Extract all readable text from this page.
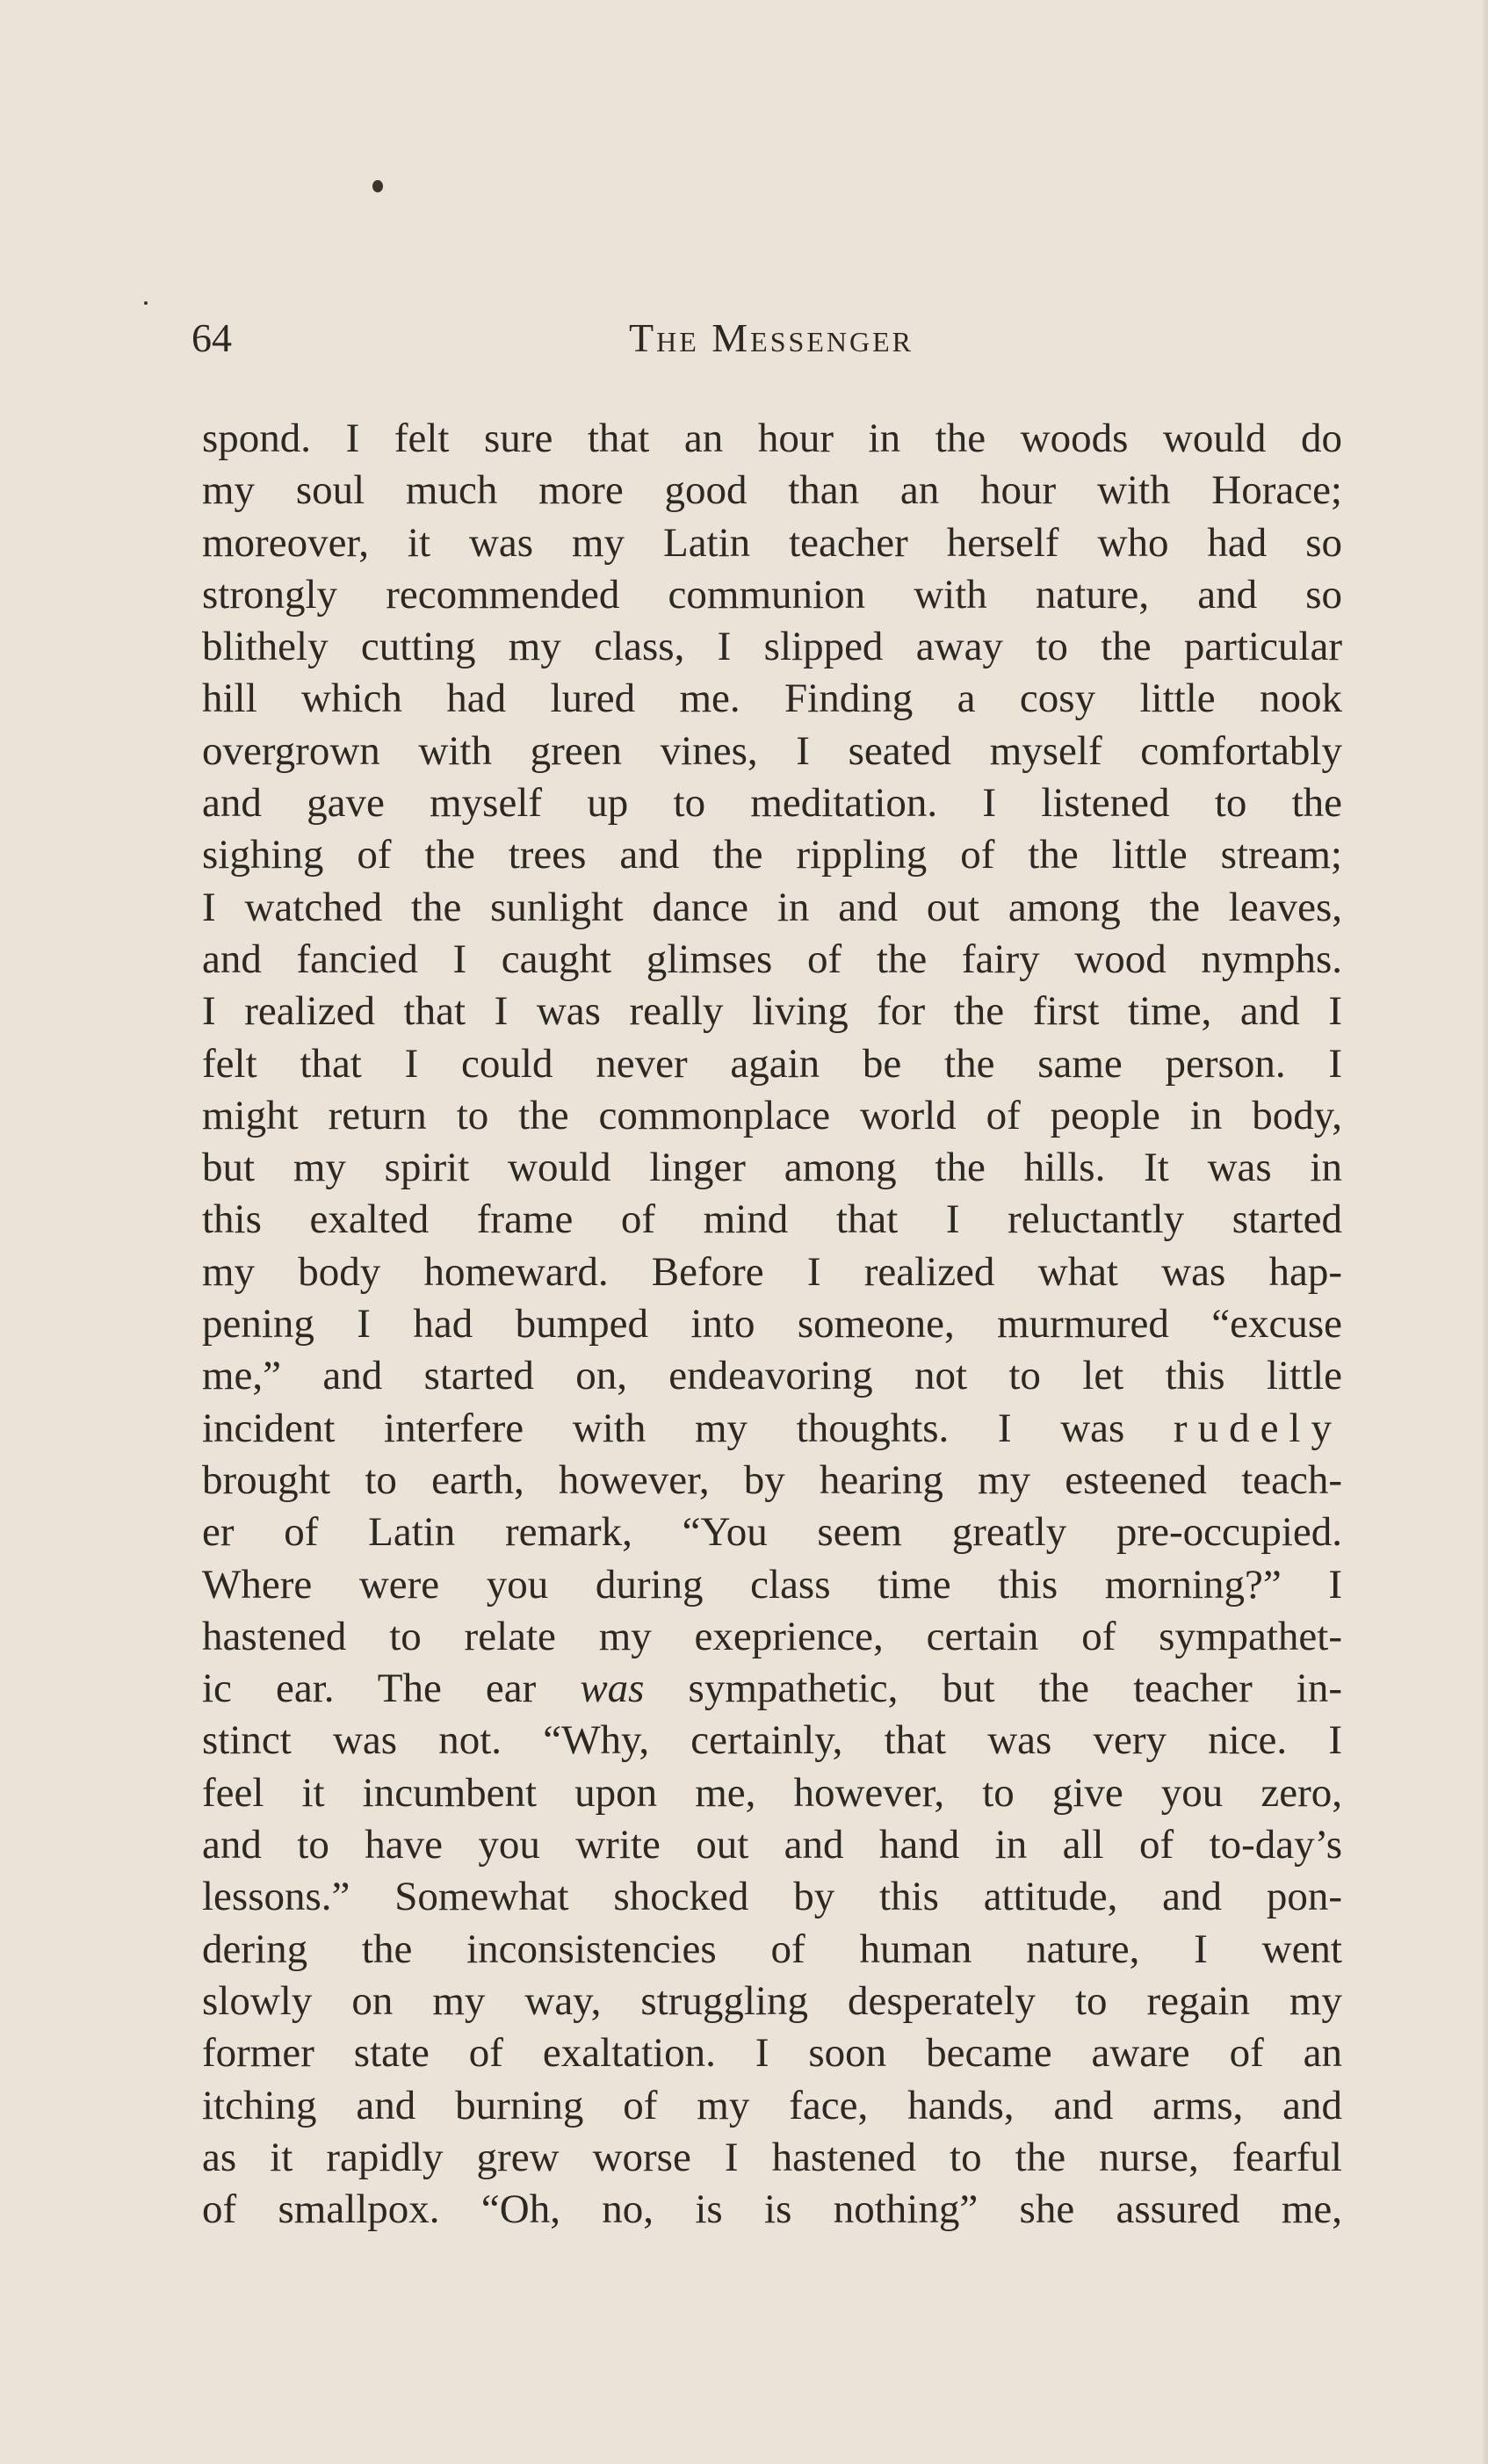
64	The Messenger
spond. I felt sure that an hour in the woods would do
my soul much more good than an hour with Horace;
moreover, it was my Latin teacher herself who had so
strongly recommended communion with nature, and so
blithely cutting my class, I slipped away to the particular
hill which had lured me. Finding a cosy little nook
overgrown with green vines, I seated myself comfortably
and gave myself up to meditation. I listened to the
sighing of the trees and the rippling of the little stream;
I watched the sunlight dance in and out among the leaves,
and fancied I caught glimses of the fairy wood nymphs.
I realized that I was really living for the first time, and I
felt that I could never again be the same person. I
might return to the commonplace world of people in body,
but my spirit would linger among the hills. It was in
this exalted frame of mind that I reluctantly started
my body homeward. Before I realized what was hap-
pening I had bumped into someone, murmured “excuse
me,” and started on, endeavoring not to let this little
incident interfere with my thoughts. I was rudely
brought to earth, however, by hearing my esteened teach-
er of Latin remark, “You seem greatly pre-occupied.
Where were you during class time this morning?” I
hastened to relate my exeprience, certain of sympathet-
ic ear. The ear was sympathetic, but the teacher in-
stinct was not. “Why, certainly, that was very nice. I
feel it incumbent upon me, however, to give you zero,
and to have you write out and hand in all of to-day’s
lessons.” Somewhat shocked by this attitude, and pon-
dering the inconsistencies of human nature, I went
slowly on my way, struggling desperately to regain my
former state of exaltation. I soon became aware of an
itching and burning of my face, hands, and arms, and
as it rapidly grew worse I hastened to the nurse, fearful
of smallpox. “Oh, no, is is nothing” she assured me,
